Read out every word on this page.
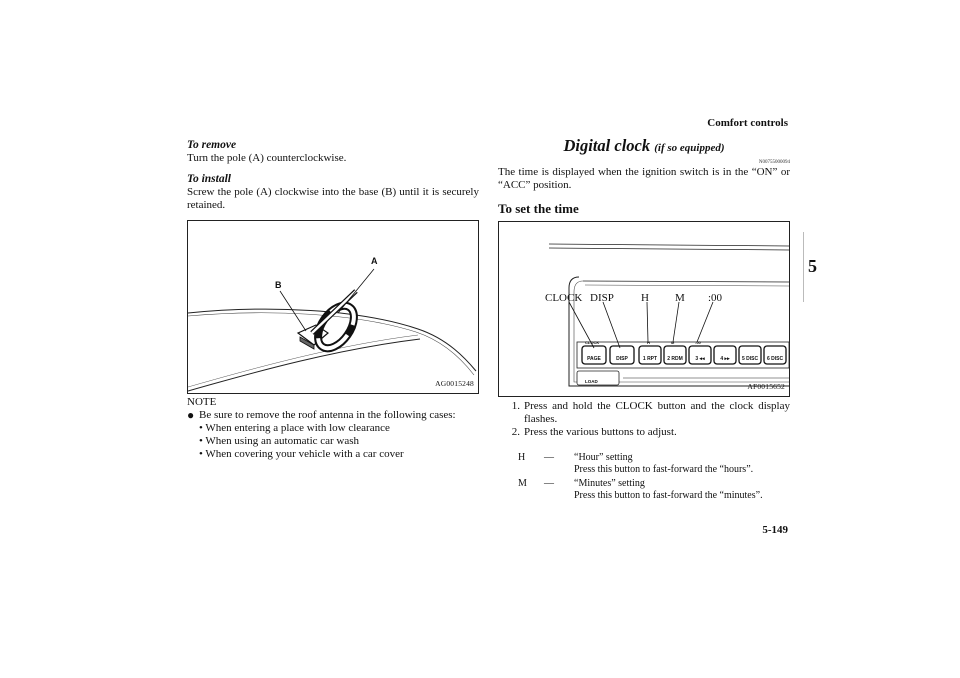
Comfort controls
5
To remove

Turn the pole (A) counterclockwise.

To install

Screw the pole (A) clockwise into the base (B) until it is securely retained.

B
A
AG0015248
NOTE
● Be sure to remove the roof antenna in the following cases:
• When entering a place with low clearance
• When using an automatic car wash
• When covering your vehicle with a car cover

Digital clock (if so equipped)

N00755000094

The time is displayed when the ignition switch is in the “ON” or “ACC” position.

To set the time
CLOCK DISP H M :00
CLOCK	H	M	:00
PAGE	DISP	1 RPT	2 RDM	3 ◂◂	4 ▸▸	5 DISC	6 DISC
LOAD
AF0015652
1. Press and hold the CLOCK button and the clock display flashes.
2. Press the various buttons to adjust.
H	—	“Hour” setting
Press this button to fast-forward the “hours”.
M	—	“Minutes” setting
Press this button to fast-forward the “minutes”.
5-149
